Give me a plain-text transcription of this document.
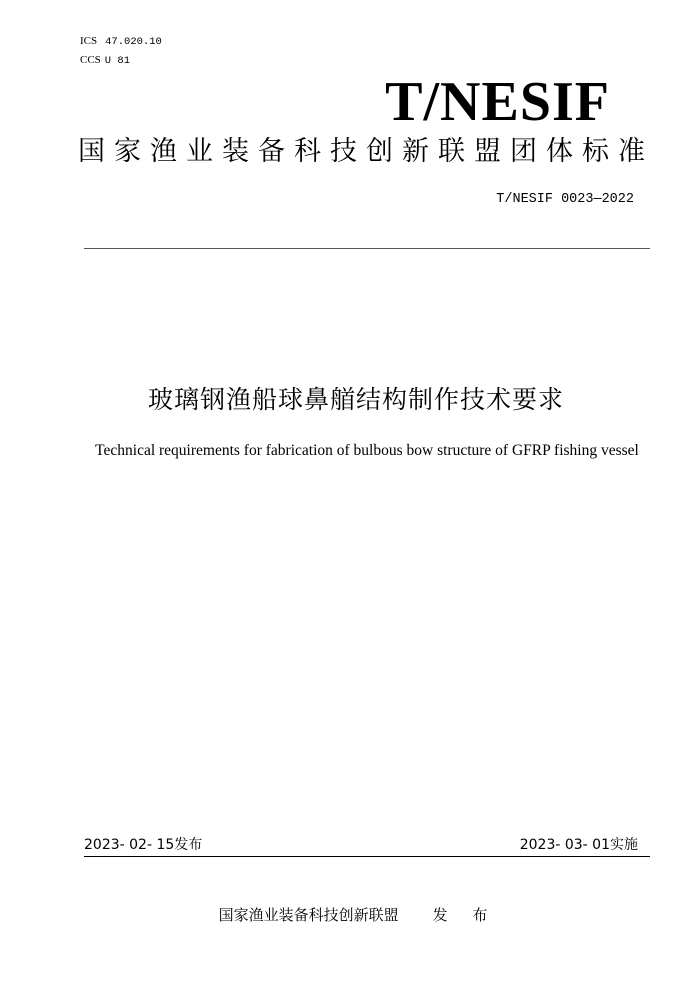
ICS 47.020.10
CCS U 81
T/NESIF
国家渔业装备科技创新联盟团体标准
T/NESIF 0023—2022
玻璃钢渔船球鼻艏结构制作技术要求
Technical requirements for fabrication of bulbous bow structure of GFRP fishing vessel
2023- 02- 15发布	2023- 03- 01实施
国家渔业装备科技创新联盟 发 布
